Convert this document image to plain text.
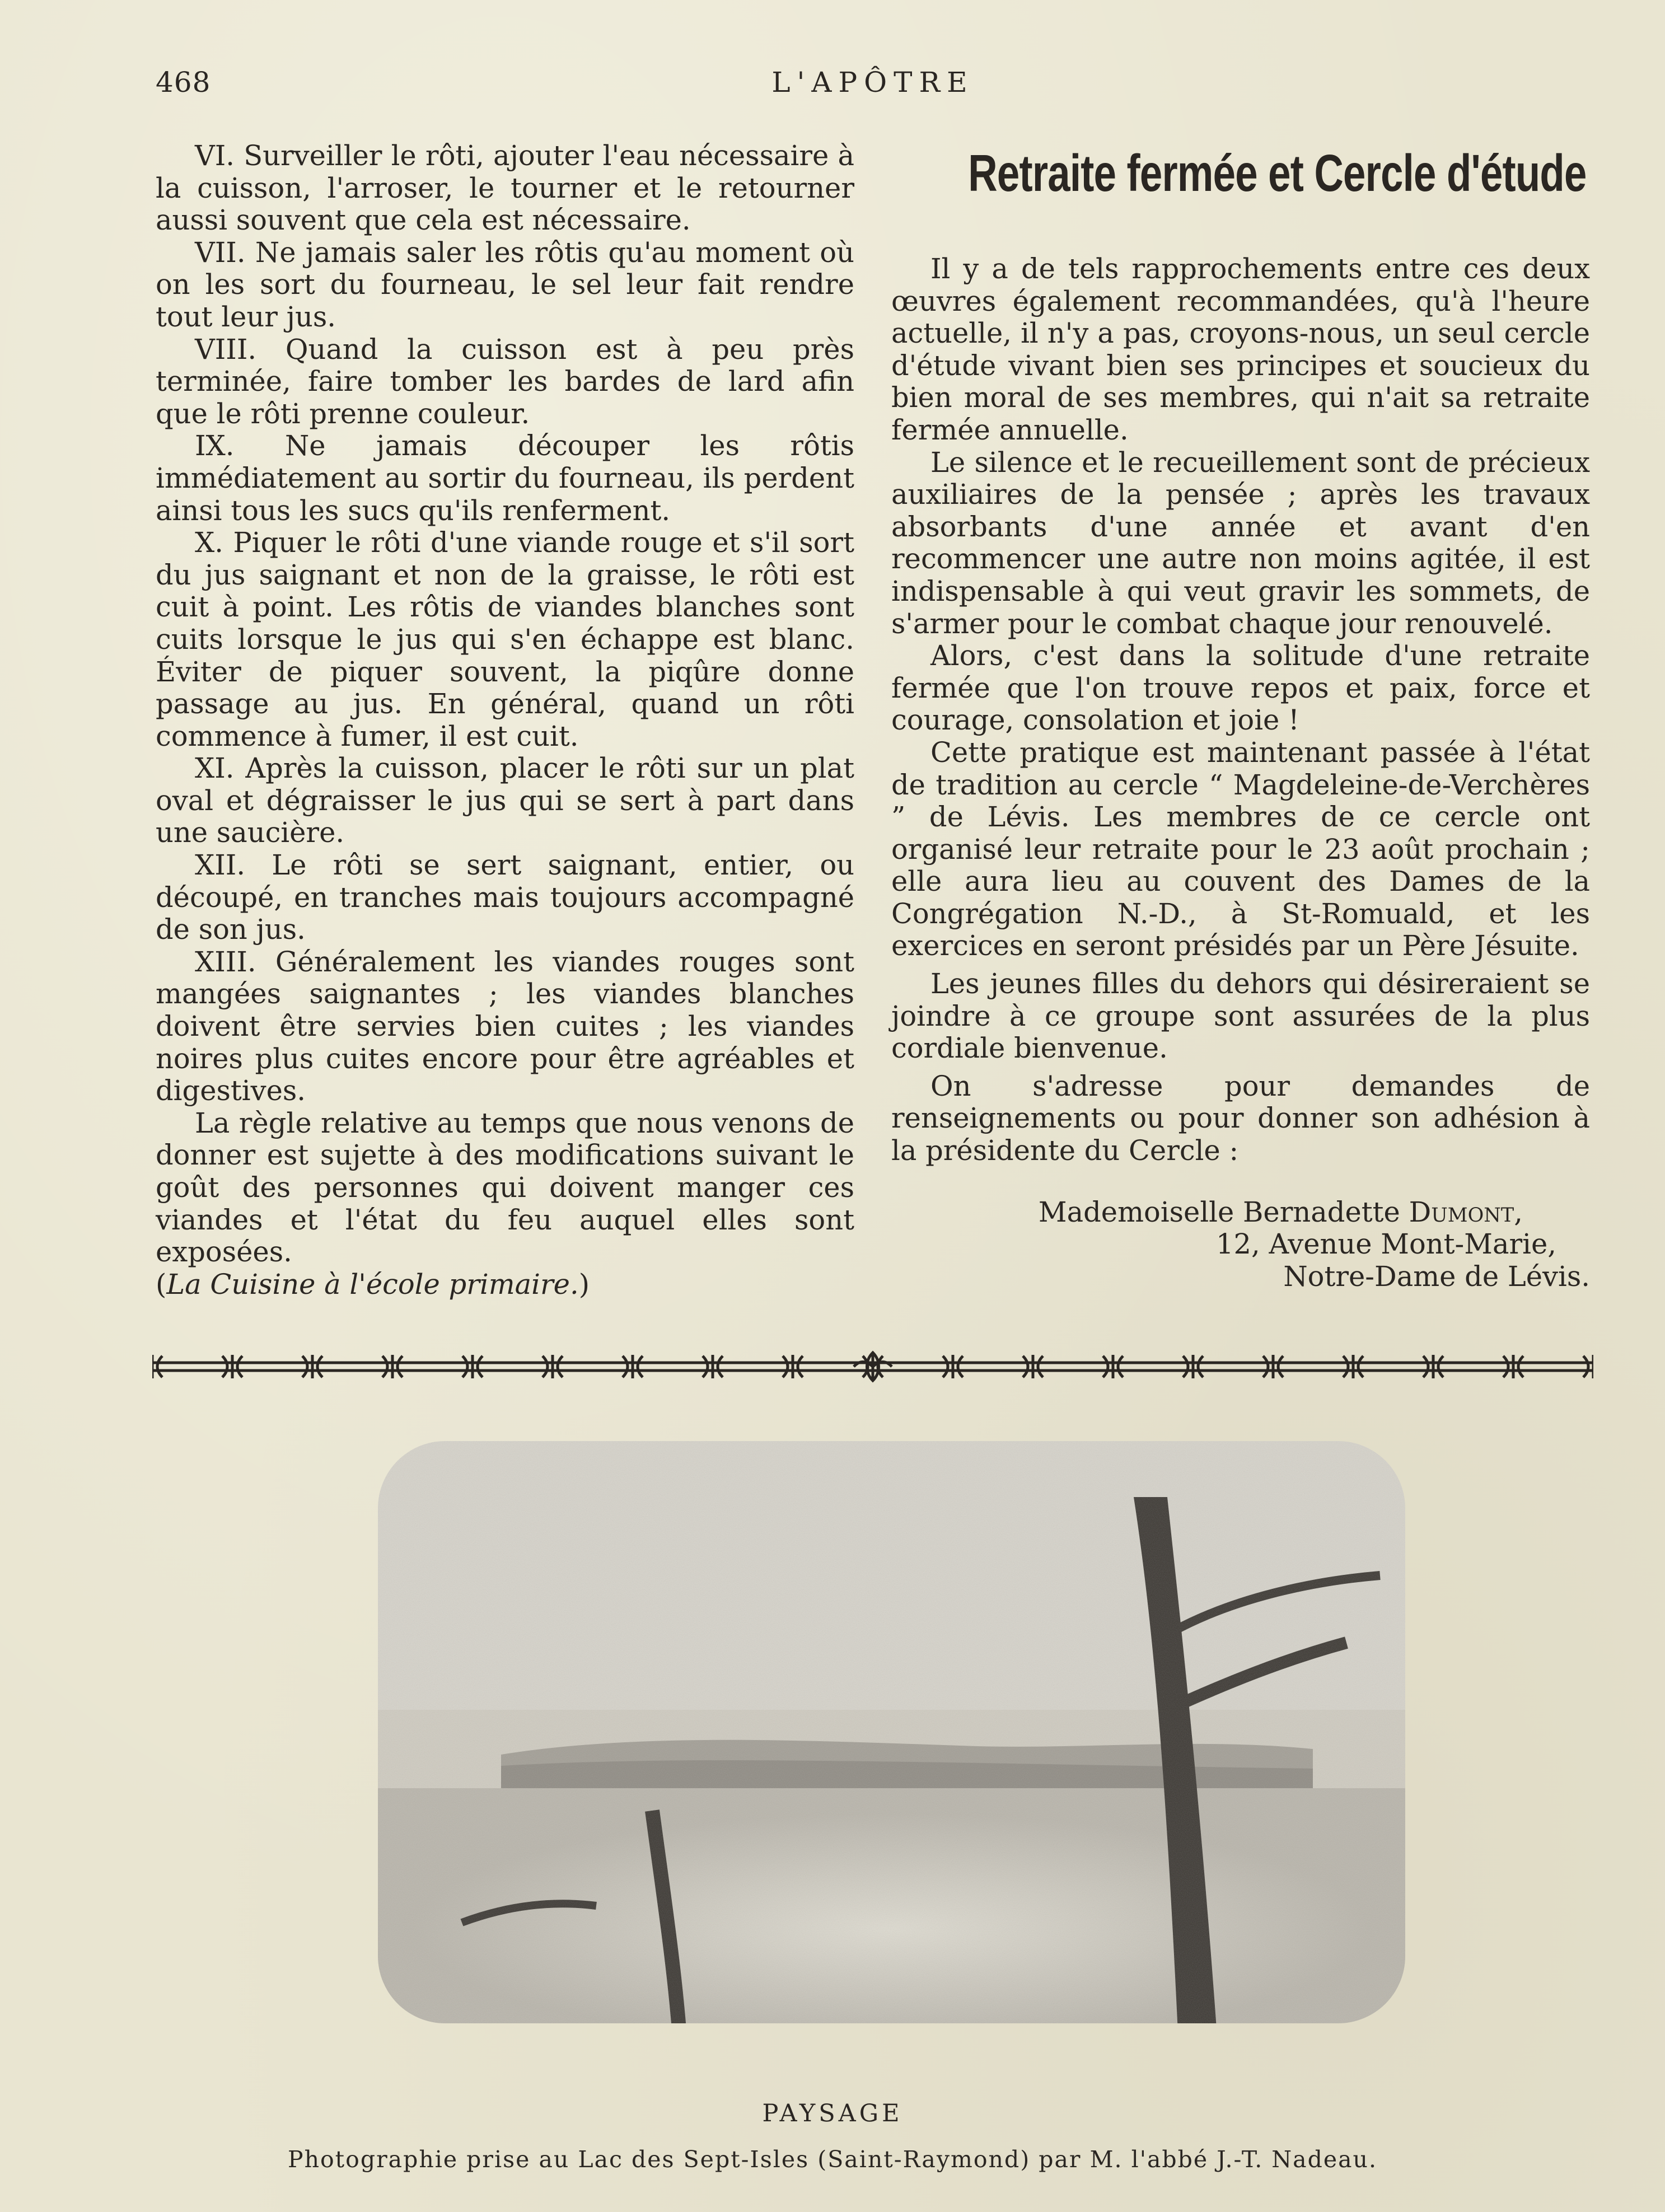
468	L'APÔTRE

VI. Surveiller le rôti, ajouter l'eau nécessaire à la cuisson, l'arroser, le tourner et le retourner aussi souvent que cela est nécessaire.

VII. Ne jamais saler les rôtis qu'au moment où on les sort du fourneau, le sel leur fait rendre tout leur jus.

VIII. Quand la cuisson est à peu près terminée, faire tomber les bardes de lard afin que le rôti prenne couleur.

IX. Ne jamais découper les rôtis immédiatement au sortir du fourneau, ils perdent ainsi tous les sucs qu'ils renferment.

X. Piquer le rôti d'une viande rouge et s'il sort du jus saignant et non de la graisse, le rôti est cuit à point. Les rôtis de viandes blanches sont cuits lorsque le jus qui s'en échappe est blanc. Éviter de piquer souvent, la piqûre donne passage au jus. En général, quand un rôti commence à fumer, il est cuit.

XI. Après la cuisson, placer le rôti sur un plat oval et dégraisser le jus qui se sert à part dans une saucière.

XII. Le rôti se sert saignant, entier, ou découpé, en tranches mais toujours accompagné de son jus.

XIII. Généralement les viandes rouges sont mangées saignantes ; les viandes blanches doivent être servies bien cuites ; les viandes noires plus cuites encore pour être agréables et digestives.

La règle relative au temps que nous venons de donner est sujette à des modifications suivant le goût des personnes qui doivent manger ces viandes et l'état du feu auquel elles sont exposées.

(La Cuisine à l'école primaire.)

Retraite fermée et Cercle d'étude

Il y a de tels rapprochements entre ces deux œuvres également recommandées, qu'à l'heure actuelle, il n'y a pas, croyons-nous, un seul cercle d'étude vivant bien ses principes et soucieux du bien moral de ses membres, qui n'ait sa retraite fermée annuelle.

Le silence et le recueillement sont de précieux auxiliaires de la pensée ; après les travaux absorbants d'une année et avant d'en recommencer une autre non moins agitée, il est indispensable à qui veut gravir les sommets, de s'armer pour le combat chaque jour renouvelé.

Alors, c'est dans la solitude d'une retraite fermée que l'on trouve repos et paix, force et courage, consolation et joie !

Cette pratique est maintenant passée à l'état de tradition au cercle “ Magdeleine-de-Verchères ” de Lévis. Les membres de ce cercle ont organisé leur retraite pour le 23 août prochain ; elle aura lieu au couvent des Dames de la Congrégation N.-D., à St-Romuald, et les exercices en seront présidés par un Père Jésuite.

Les jeunes filles du dehors qui désireraient se joindre à ce groupe sont assurées de la plus cordiale bienvenue.

On s'adresse pour demandes de renseignements ou pour donner son adhésion à la présidente du Cercle :

Mademoiselle Bernadette Dumont,
12, Avenue Mont-Marie,
Notre-Dame de Lévis.
PAYSAGE
Photographie prise au Lac des Sept-Isles (Saint-Raymond) par M. l'abbé J.-T. Nadeau.
